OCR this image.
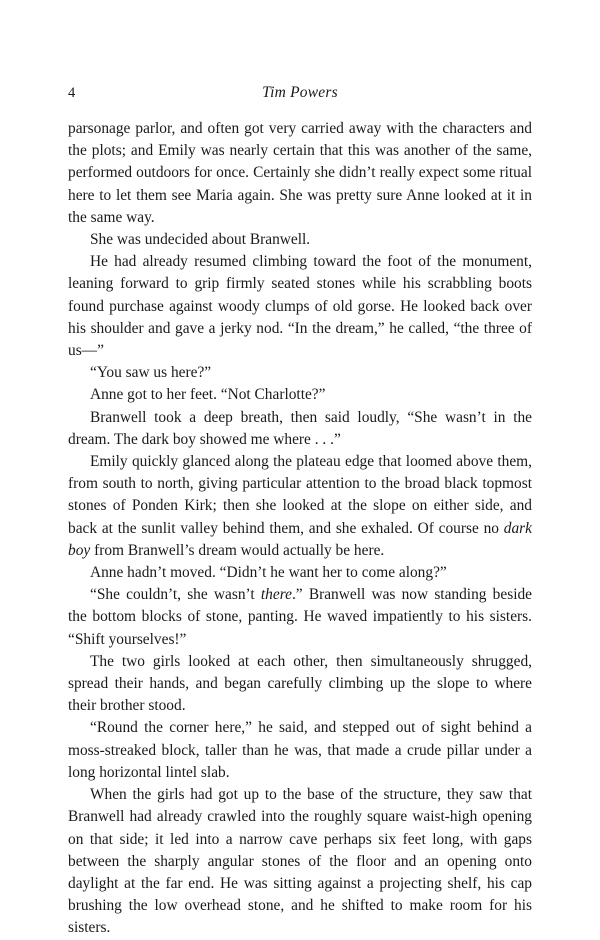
4	Tim Powers

parsonage parlor, and often got very carried away with the characters and the plots; and Emily was nearly certain that this was another of the same, performed outdoors for once. Certainly she didn’t really expect some ritual here to let them see Maria again. She was pretty sure Anne looked at it in the same way.

She was undecided about Branwell.

He had already resumed climbing toward the foot of the monument, leaning forward to grip firmly seated stones while his scrabbling boots found purchase against woody clumps of old gorse. He looked back over his shoulder and gave a jerky nod. “In the dream,” he called, “the three of us—”

“You saw us here?”

Anne got to her feet. “Not Charlotte?”

Branwell took a deep breath, then said loudly, “She wasn’t in the dream. The dark boy showed me where . . .”

Emily quickly glanced along the plateau edge that loomed above them, from south to north, giving particular attention to the broad black topmost stones of Ponden Kirk; then she looked at the slope on either side, and back at the sunlit valley behind them, and she exhaled. Of course no dark boy from Branwell’s dream would actually be here.

Anne hadn’t moved. “Didn’t he want her to come along?”

“She couldn’t, she wasn’t there.” Branwell was now standing beside the bottom blocks of stone, panting. He waved impatiently to his sisters. “Shift yourselves!”

The two girls looked at each other, then simultaneously shrugged, spread their hands, and began carefully climbing up the slope to where their brother stood.

“Round the corner here,” he said, and stepped out of sight behind a moss-streaked block, taller than he was, that made a crude pillar under a long horizontal lintel slab.

When the girls had got up to the base of the structure, they saw that Branwell had already crawled into the roughly square waist-high opening on that side; it led into a narrow cave perhaps six feet long, with gaps between the sharply angular stones of the floor and an opening onto daylight at the far end. He was sitting against a projecting shelf, his cap brushing the low overhead stone, and he shifted to make room for his sisters.
